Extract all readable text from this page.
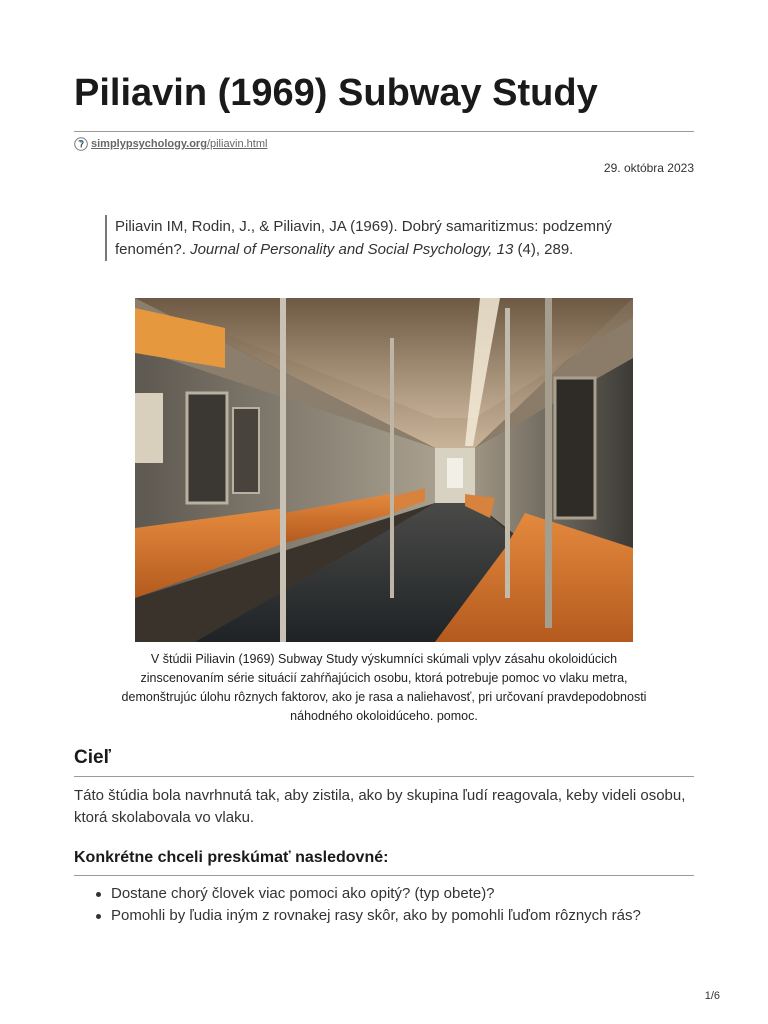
Piliavin (1969) Subway Study
simplypsychology.org/piliavin.html
29. októbra 2023
Piliavin IM, Rodin, J., & Piliavin, JA (1969). Dobrý samaritizmus: podzemný fenomén?. Journal of Personality and Social Psychology, 13 (4), 289.
V štúdii Piliavin (1969) Subway Study výskumníci skúmali vplyv zásahu okoloidúcich zinscenovaním série situácií zahŕňajúcich osobu, ktorá potrebuje pomoc vo vlaku metra, demonštrujúc úlohu rôznych faktorov, ako je rasa a naliehavosť, pri určovaní pravdepodobnosti náhodného okoloidúceho. pomoc.
Cieľ
Táto štúdia bola navrhnutá tak, aby zistila, ako by skupina ľudí reagovala, keby videli osobu, ktorá skolabovala vo vlaku.
Konkrétne chceli preskúmať nasledovné:
Dostane chorý človek viac pomoci ako opitý? (typ obete)?
Pomohli by ľudia iným z rovnakej rasy skôr, ako by pomohli ľuďom rôznych rás?
1/6
